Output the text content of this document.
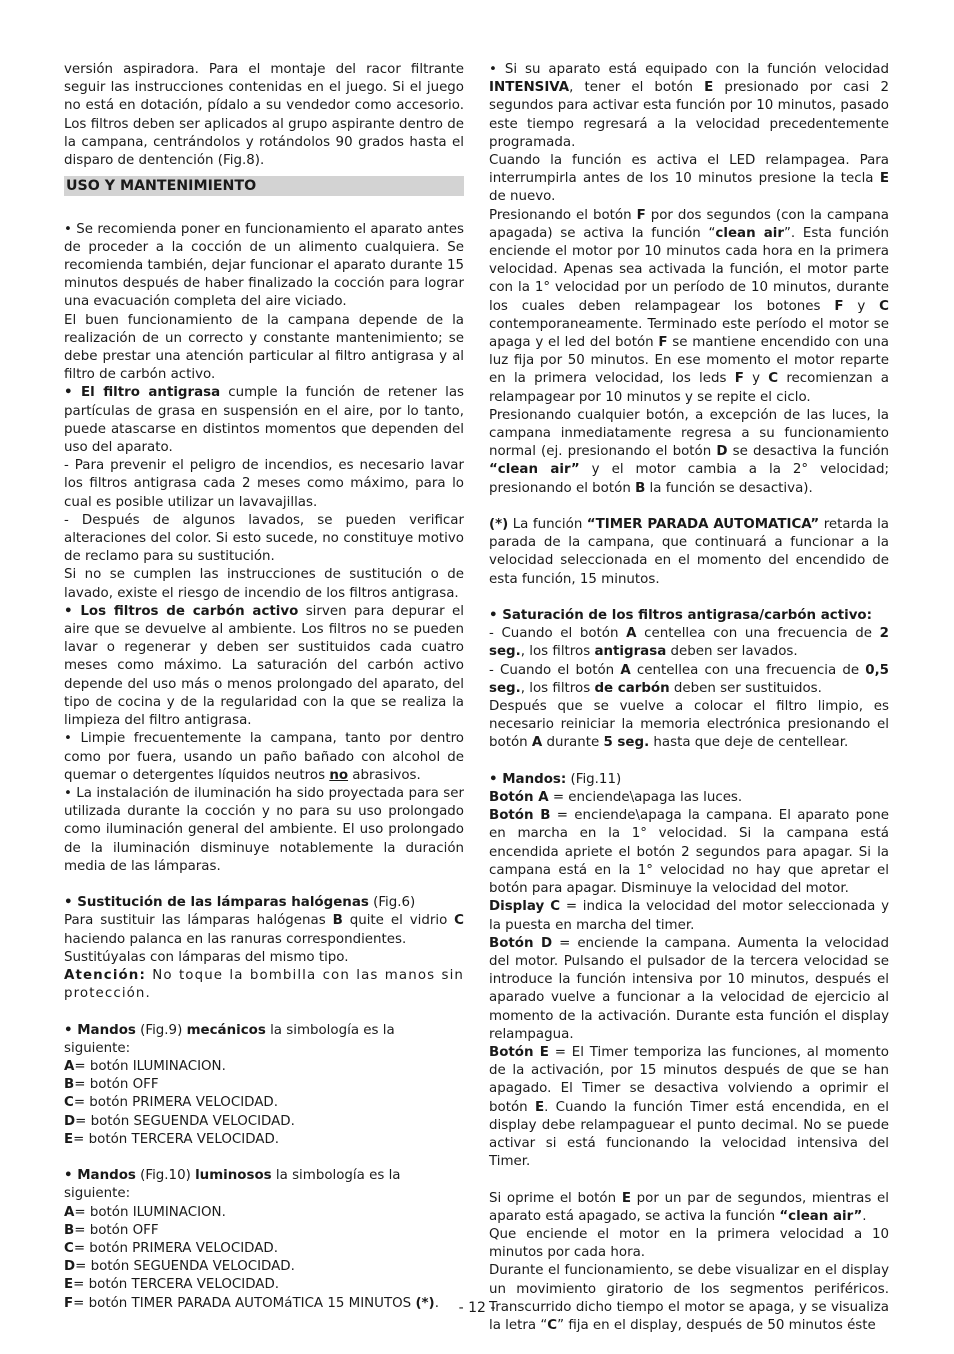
versión aspiradora. Para el montaje del racor filtrante seguir las instrucciones contenidas en el juego. Si el juego no está en dotación, pídalo a su vendedor como accesorio. Los filtros deben ser aplicados al grupo aspirante dentro de la campana, centrándolos y rotándolos 90 grados hasta el disparo de dentención (Fig.8).

USO Y MANTENIMIENTO

• Se recomienda poner en funcionamiento el aparato antes de proceder a la cocción de un alimento cualquiera. Se recomienda también, dejar funcionar el aparato durante 15 minutos después de haber finalizado la cocción para lograr una evacuación completa del aire viciado.

El buen funcionamiento de la campana depende de la realización de un correcto y constante mantenimiento; se debe prestar una atención particular al filtro antigrasa y al filtro de carbón activo.

• El filtro antigrasa cumple la función de retener las partículas de grasa en suspensión en el aire, por lo tanto, puede atascarse en distintos momentos que dependen del uso del aparato.

- Para prevenir el peligro de incendios, es necesario lavar los filtros antigrasa cada 2 meses como máximo, para lo cual es posible utilizar un lavavajillas.

- Después de algunos lavados, se pueden verificar alteraciones del color. Si esto sucede, no constituye motivo de reclamo para su sustitución.

Si no se cumplen las instrucciones de sustitución o de lavado, existe el riesgo de incendio de los filtros antigrasa.

• Los filtros de carbón activo sirven para depurar el aire que se devuelve al ambiente. Los filtros no se pueden lavar o regenerar y deben ser sustituidos cada cuatro meses como máximo. La saturación del carbón activo depende del uso más o menos prolongado del aparato, del tipo de cocina y de la regularidad con la que se realiza la limpieza del filtro antigrasa.

• Limpie frecuentemente la campana, tanto por dentro como por fuera, usando un paño bañado con alcohol de quemar o detergentes líquidos neutros no abrasivos.

• La instalación de iluminación ha sido proyectada para ser utilizada durante la cocción y no para su uso prolongado como iluminación general del ambiente. El uso prolongado de la iluminación disminuye notablemente la duración media de las lámparas.

• Sustitución de las lámparas halógenas (Fig.6)

Para sustituir las lámparas halógenas B quite el vidrio C haciendo palanca en las ranuras correspondientes.

Sustitúyalas con lámparas del mismo tipo.

Atención: No toque la bombilla con las manos sin protección.

• Mandos (Fig.9) mecánicos la simbología es la siguiente:

A= botón ILUMINACION.

B= botón OFF

C= botón PRIMERA VELOCIDAD.

D= botón SEGUENDA VELOCIDAD.

E= botón TERCERA VELOCIDAD.

• Mandos (Fig.10) luminosos la simbología es la siguiente:

A= botón ILUMINACION.

B= botón OFF

C= botón PRIMERA VELOCIDAD.

D= botón SEGUENDA VELOCIDAD.

E= botón TERCERA VELOCIDAD.

F= botón TIMER PARADA AUTOMáTICA 15 MINUTOS (*).

• Si su aparato está equipado con la función velocidad INTENSIVA, tener el botón E presionado por casi 2 segundos para activar esta función por 10 minutos, pasado este tiempo regresará a la velocidad precedentemente programada.

Cuando la función es activa el LED relampagea. Para interrumpirla antes de los 10 minutos presione la tecla E de nuevo.

Presionando el botón F por dos segundos (con la campana apagada) se activa la función “clean air”. Esta función enciende el motor por 10 minutos cada hora en la primera velocidad. Apenas sea activada la función, el motor parte con la 1° velocidad por un período de 10 minutos, durante los cuales deben relampagear los botones F y C contemporaneamente. Terminado este período el motor se apaga y el led del botón F se mantiene encendido con una luz fija por 50 minutos. En ese momento el motor reparte en la primera velocidad, los leds F y C recomienzan a relampagear por 10 minutos y se repite el ciclo.

Presionando cualquier botón, a excepción de las luces, la campana inmediatamente regresa a su funcionamiento normal (ej. presionando el botón D se desactiva la función “clean air” y el motor cambia a la 2° velocidad; presionando el botón B la función se desactiva).

(*) La función “TIMER PARADA AUTOMATICA” retarda la parada de la campana, que continuará a funcionar a la velocidad seleccionada en el momento del encendido de esta función, 15 minutos.

• Saturación de los filtros antigrasa/carbón activo:

- Cuando el botón A centellea con una frecuencia de 2 seg., los filtros antigrasa deben ser lavados.

- Cuando el botón A centellea con una frecuencia de 0,5 seg., los filtros de carbón deben ser sustituidos.

Después que se vuelve a colocar el filtro limpio, es necesario reiniciar la memoria electrónica presionando el botón A durante 5 seg. hasta que deje de centellear.

• Mandos: (Fig.11)

Botón A = enciende\apaga las luces.

Botón B = enciende\apaga la campana. El aparato pone en marcha en la 1° velocidad. Si la campana está encendida apriete el botón 2 segundos para apagar. Si la campana está en la 1° velocidad no hay que apretar el botón para apagar. Disminuye la velocidad del motor.

Display C = indica la velocidad del motor seleccionada y la puesta en marcha del timer.

Botón D = enciende la campana. Aumenta la velocidad del motor. Pulsando el pulsador de la tercera velocidad se introduce la función intensiva por 10 minutos, después el aparado vuelve a funcionar a la velocidad de ejercicio al momento de la activación. Durante esta función el display relampagua.

Botón E = El Timer temporiza las funciones, al momento de la activación, por 15 minutos después de que se han apagado. El Timer se desactiva volviendo a oprimir el botón E. Cuando la función Timer está encendida, en el display debe relampaguear el punto decimal. No se puede activar si está funcionando la velocidad intensiva del Timer.

Si oprime el botón E por un par de segundos, mientras el aparato está apagado, se activa la función “clean air”.

Que enciende el motor en la primera velocidad a 10 minutos por cada hora.

Durante el funcionamiento, se debe visualizar en el display un movimiento giratorio de los segmentos periféricos. Transcurrido dicho tiempo el motor se apaga, y se visualiza la letra “C” fija en el display, después de 50 minutos éste

- 12 -
